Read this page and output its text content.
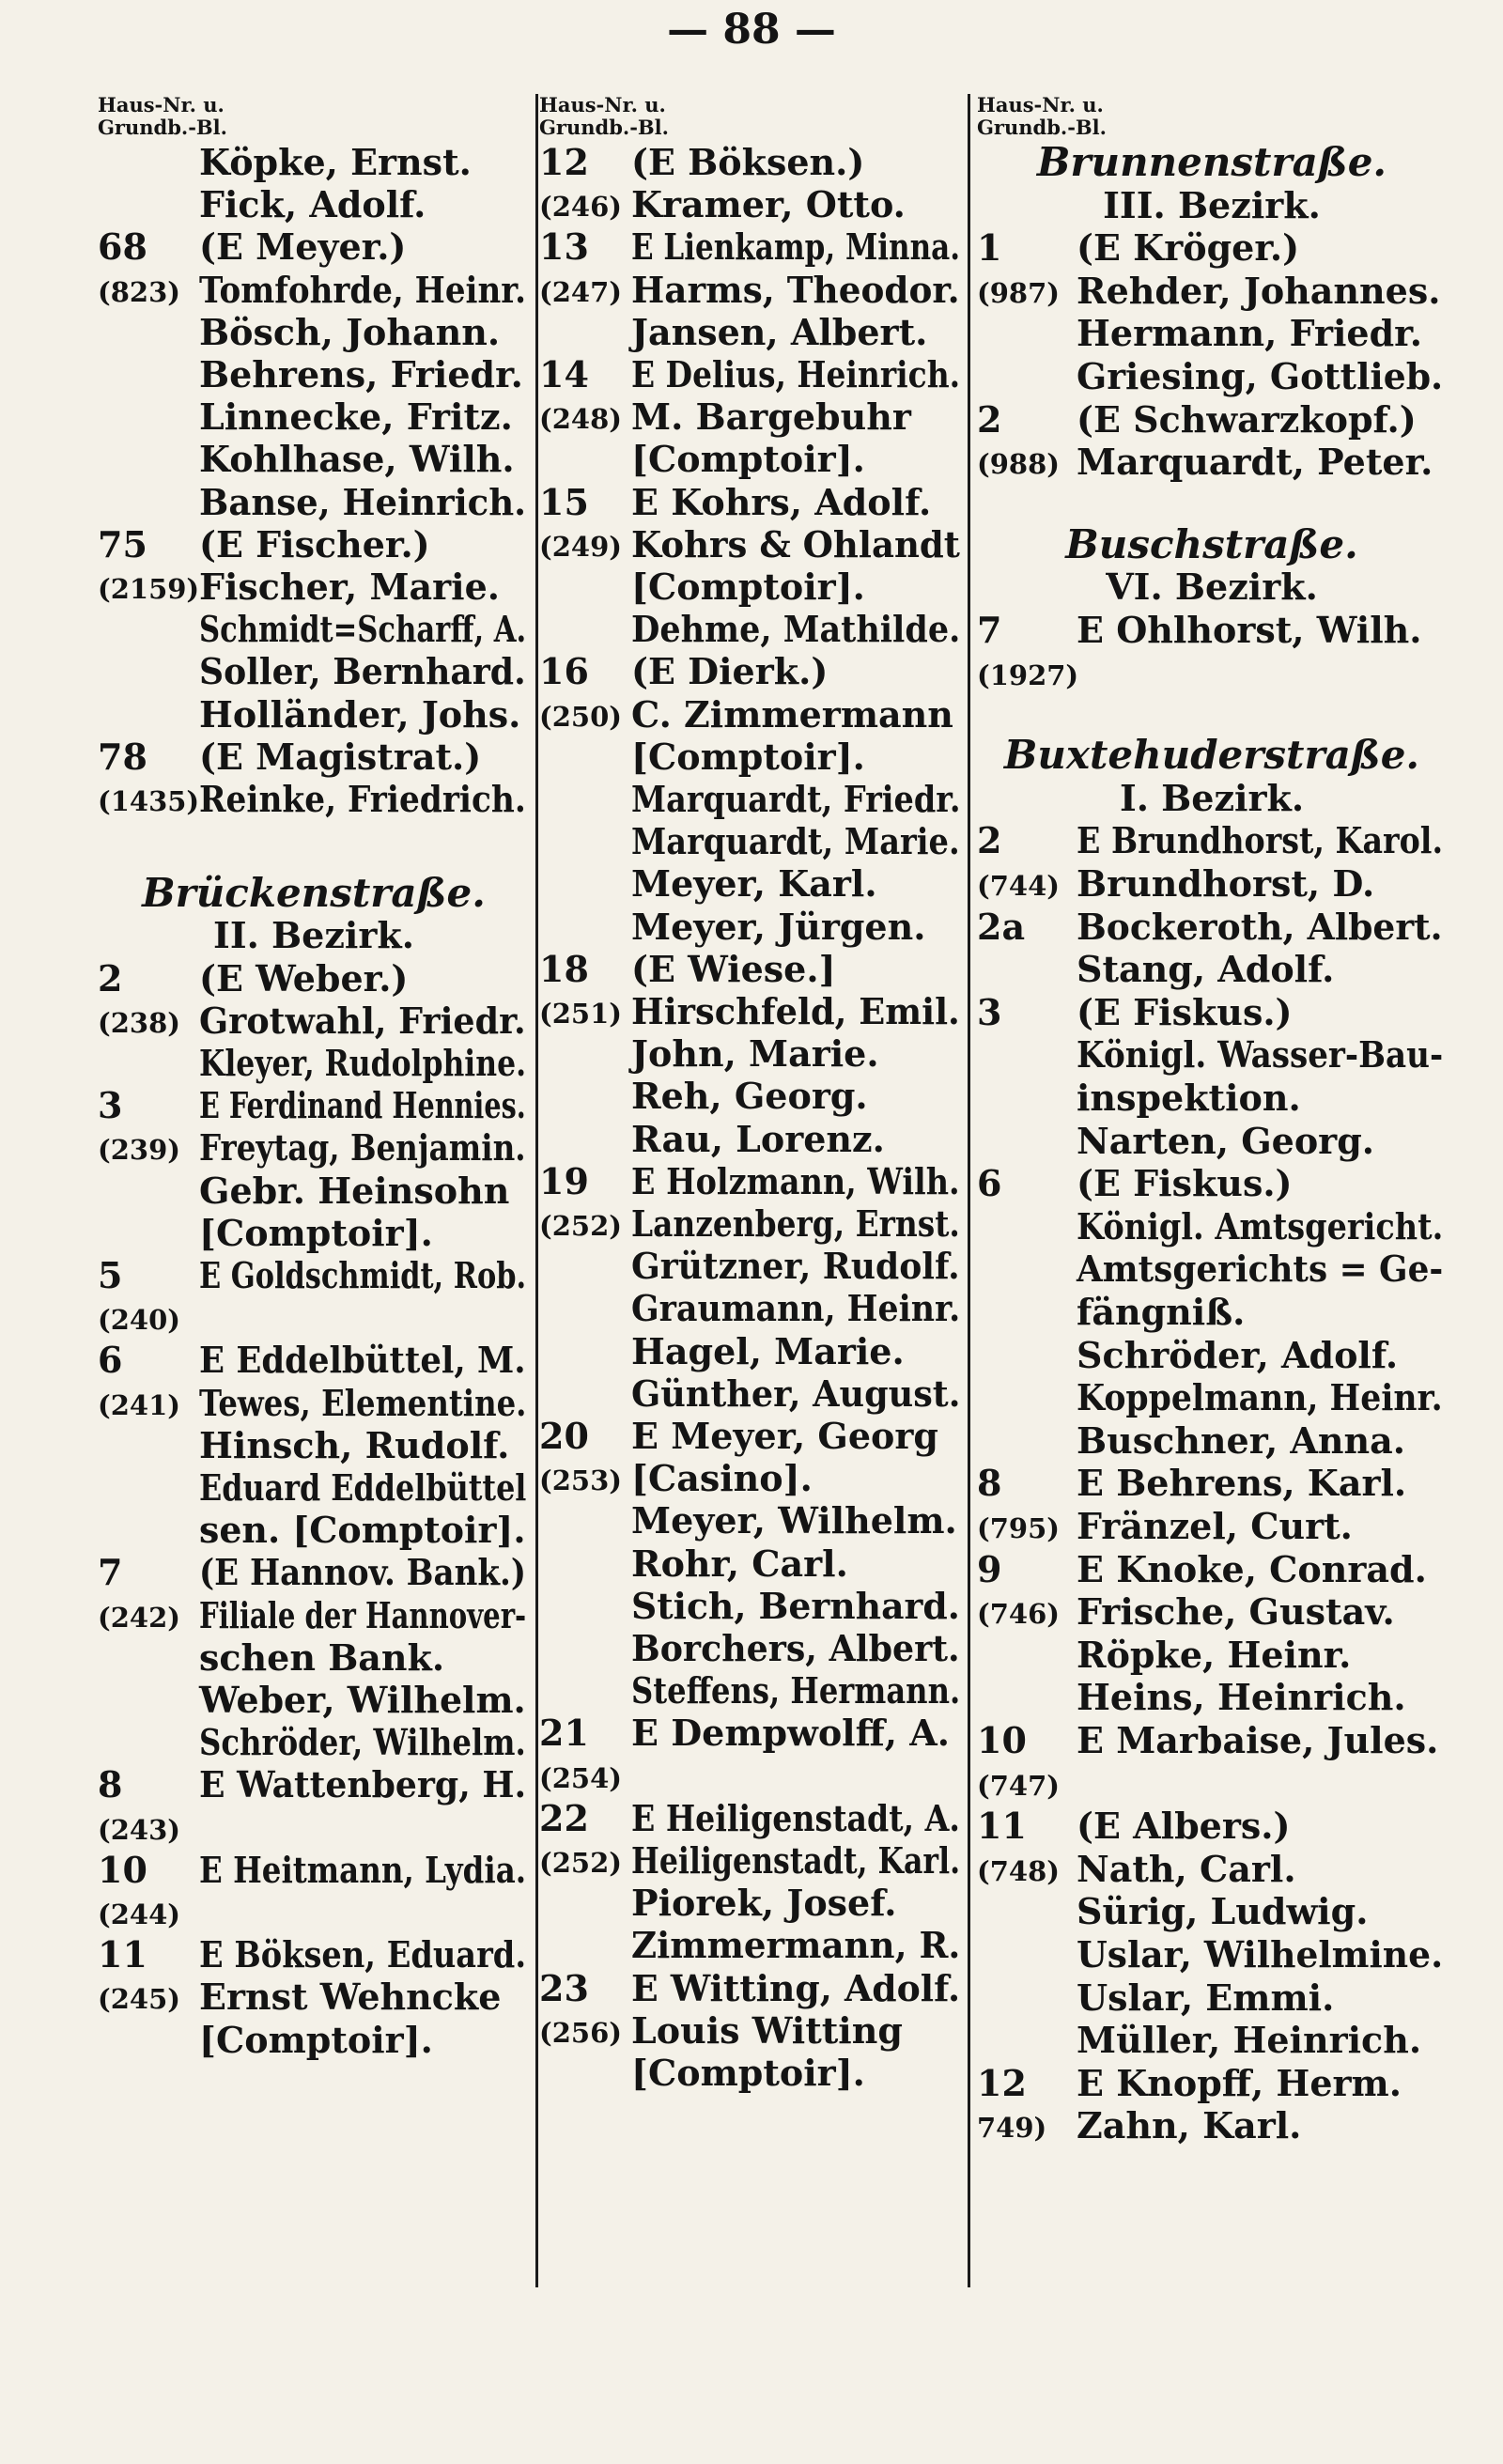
— 88 —
Haus-Nr. u.
Grundb.-Bl.
Köpke, Ernst.
Fick, Adolf.
68 (E Meyer.)
(823) Tomfohrde, Heinr.
Bösch, Johann.
Behrens, Friedr.
Linnecke, Fritz.
Kohlhase, Wilh.
Banse, Heinrich.
75 (E Fischer.)
(2159) Fischer, Marie.
Schmidt=Scharff, A.
Soller, Bernhard.
Holländer, Johs.
78 (E Magistrat.)
(1435) Reinke, Friedrich.
Brückenstraße.
II. Bezirk.
2 (E Weber.)
(238) Grotwahl, Friedr.
Kleyer, Rudolphine.
3 E Ferdinand Hennies.
(239) Freytag, Benjamin.
Gebr. Heinsohn
[Comptoir].
5 E Goldschmidt, Rob.
(240)
6 E Eddelbüttel, M.
(241) Tewes, Elementine.
Hinsch, Rudolf.
Eduard Eddelbüttel
sen. [Comptoir].
7 (E Hannov. Bank.)
(242) Filiale der Hannover-
schen Bank.
Weber, Wilhelm.
Schröder, Wilhelm.
8 E Wattenberg, H.
(243)
10 E Heitmann, Lydia.
(244)
11 E Böksen, Eduard.
(245) Ernst Wehncke
[Comptoir].
Haus-Nr. u.
Grundb.-Bl.
12 (E Böksen.)
(246) Kramer, Otto.
13 E Lienkamp, Minna.
(247) Harms, Theodor.
Jansen, Albert.
14 E Delius, Heinrich.
(248) M. Bargebuhr
[Comptoir].
15 E Kohrs, Adolf.
(249) Kohrs & Ohlandt
[Comptoir].
Dehme, Mathilde.
16 (E Dierk.)
(250) C. Zimmermann
[Comptoir].
Marquardt, Friedr.
Marquardt, Marie.
Meyer, Karl.
Meyer, Jürgen.
18 (E Wiese.]
(251) Hirschfeld, Emil.
John, Marie.
Reh, Georg.
Rau, Lorenz.
19 E Holzmann, Wilh.
(252) Lanzenberg, Ernst.
Grützner, Rudolf.
Graumann, Heinr.
Hagel, Marie.
Günther, August.
20 E Meyer, Georg
(253) [Casino].
Meyer, Wilhelm.
Rohr, Carl.
Stich, Bernhard.
Borchers, Albert.
Steffens, Hermann.
21 E Dempwolff, A.
(254)
22 E Heiligenstadt, A.
(252) Heiligenstadt, Karl.
Piorek, Josef.
Zimmermann, R.
23 E Witting, Adolf.
(256) Louis Witting
[Comptoir].
Haus-Nr. u.
Grundb.-Bl.
Brunnenstraße.
III. Bezirk.
1 (E Kröger.)
(987) Rehder, Johannes.
Hermann, Friedr.
Griesing, Gottlieb.
2 (E Schwarzkopf.)
(988) Marquardt, Peter.
Buschstraße.
VI. Bezirk.
7 E Ohlhorst, Wilh.
(1927)
Buxtehuderstraße.
I. Bezirk.
2 E Brundhorst, Karol.
(744) Brundhorst, D.
2a Bockeroth, Albert.
Stang, Adolf.
3 (E Fiskus.)
Königl. Wasser-Bau-
inspektion.
Narten, Georg.
6 (E Fiskus.)
Königl. Amtsgericht.
Amtsgerichts = Ge-
fängniß.
Schröder, Adolf.
Koppelmann, Heinr.
Buschner, Anna.
8 E Behrens, Karl.
(795) Fränzel, Curt.
9 E Knoke, Conrad.
(746) Frische, Gustav.
Röpke, Heinr.
Heins, Heinrich.
10 E Marbaise, Jules.
(747)
11 (E Albers.)
(748) Nath, Carl.
Sürig, Ludwig.
Uslar, Wilhelmine.
Uslar, Emmi.
Müller, Heinrich.
12 E Knopff, Herm.
749) Zahn, Karl.
